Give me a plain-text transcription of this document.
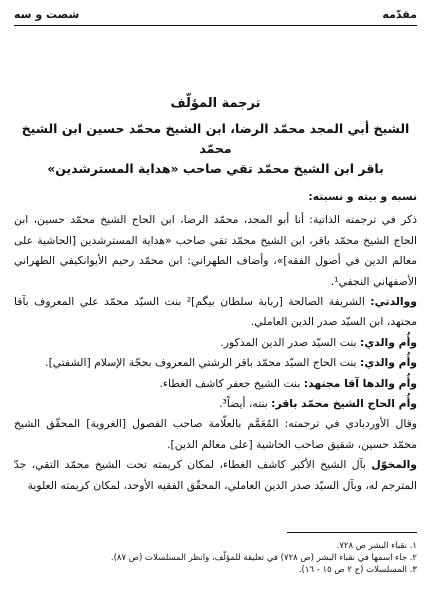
مقدّمه
شصت و سه
ترجمة المؤلّف
الشيخ أبي المجد محمّد الرضا، ابن الشيخ محمّد حسين ابن الشيخ محمّد
باقر ابن الشيخ محمّد تقي صاحب «هداية المسترشدين»

نسبه و بيته و نسبته:

ذكر في ترجمته الذاتية: أنا أبو المجد، محمّد الرضا، ابن الحاج الشيخ محمّد حسين، ابن الحاج الشيخ محمّد باقر، ابن الشيخ محمّد تقي صاحب «هداية المسترشدين [الحاشية على معالم الدين في أصول الفقه]»، وأضاف الطهراني: ابن محمّد رحيم الأيوانكيفي الطهراني الأصفهاني النجفي¹.

ووالدتي: الشريفة الصالحة [ربابة سلطان بيگم]² بنت السيّد محمّد علي المعروف بآقا مجتهد، ابن السيّد صدر الدين العاملي.

وأُم والدي: بنت السيّد صدر الدين المذكور.

وأُم والدي: بنت الحاج السيّد محمّد باقر الرشتي المعروف بحجّة الإسلام [الشفتي].

وأُم والدها آقا مجتهد: بنت الشيخ جعفر كاشف الغطاء.

وأُم الحاج الشيخ محمّد باقر: بنته، أيضاً³.

وقال الأوردبادي في ترجمته: المُعَمَّم بالعلّامة صاحب الفصول [الغروية] المحقّق الشيخ محمّد حسين، شقيق صاحب الحاشية [على معالم الدين].

والمخوّل بآل الشيخ الأكبر كاشف الغطاء، لمكان كريمته تحت الشيخ محمّد التقي، جدّ المترجم له، وبآل السيّد صدر الدين العاملي، المحقّق الفقيه الأوحد، لمكان كريمته العلوية

١. نقباء البشر ص ٧٢٨.

٢. جاء اسمها في نقباء البشر (ص ٧٢٨) في تعليقة للمؤلّف، وانظر المسلسلات (ص ٨٧).

٣. المسلسلات (ج ٢ ص ١٥ - ١٦).
